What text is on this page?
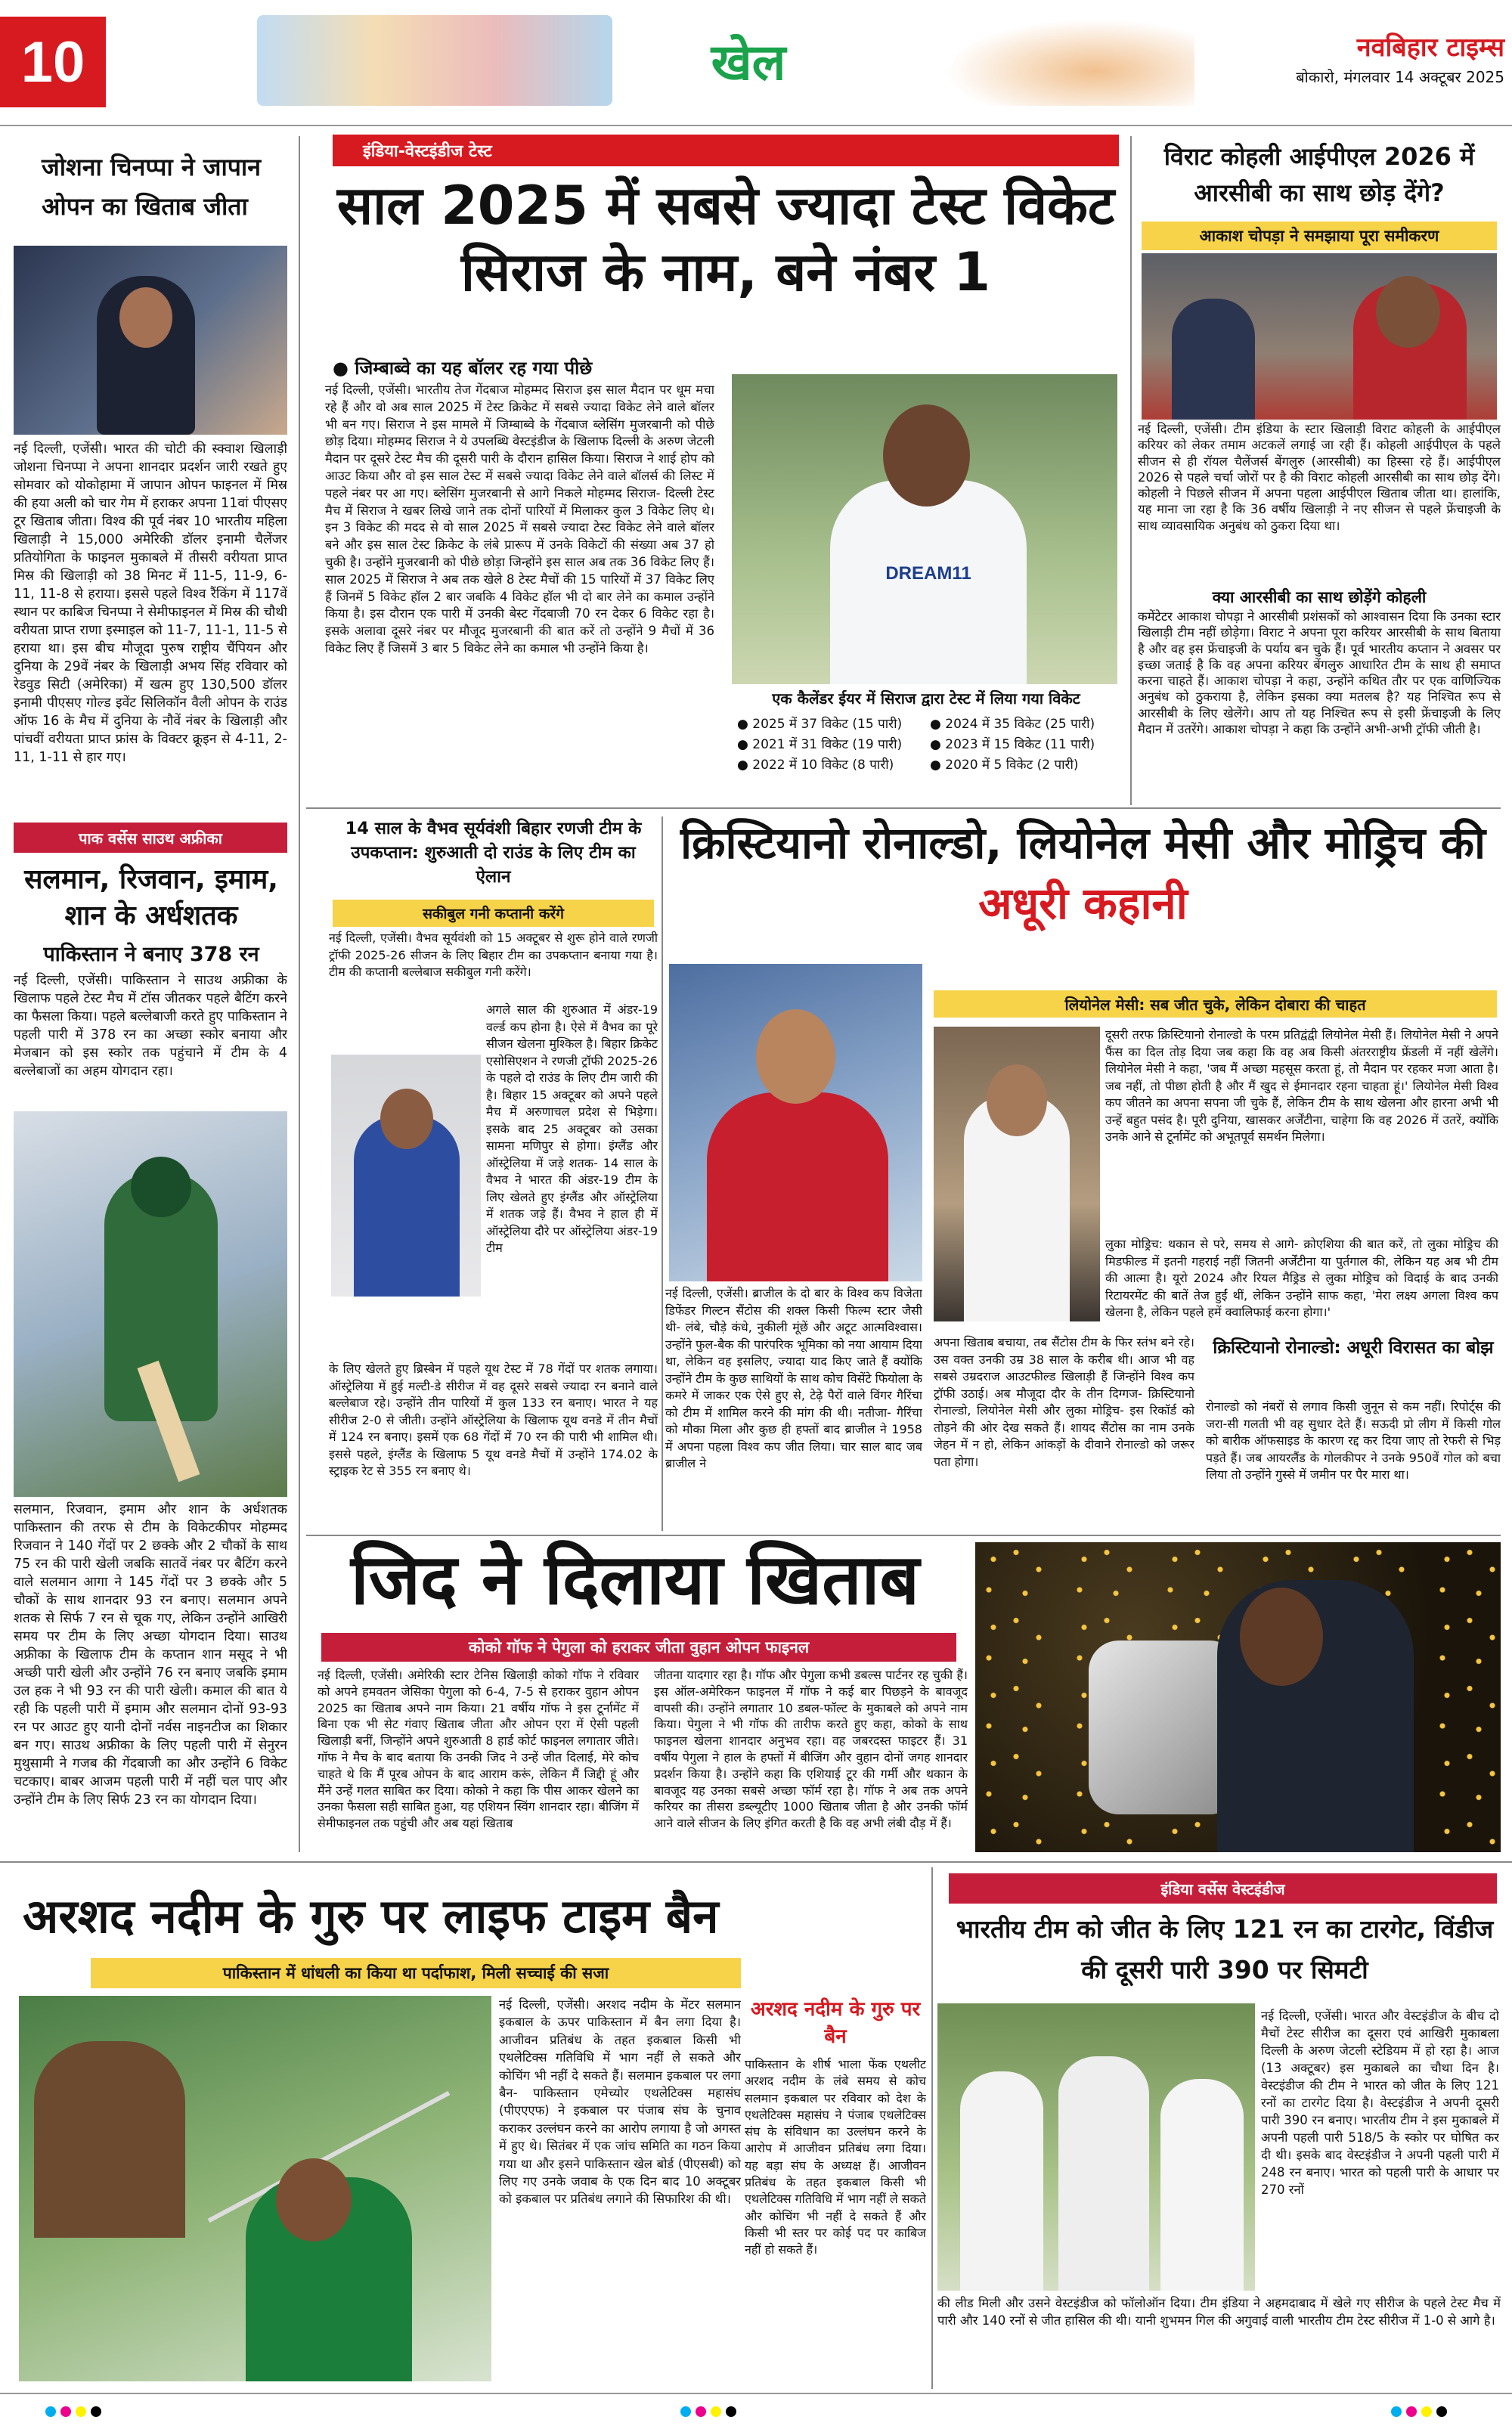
10	खेल	नवबिहार टाइम्स
बोकारो, मंगलवार 14 अक्टूबर 2025
जोशना चिनप्पा ने जापान ओपन का खिताब जीता
नई दिल्ली, एजेंसी। भारत की चोटी की स्क्वाश खिलाड़ी जोशना चिनप्पा ने अपना शानदार प्रदर्शन जारी रखते हुए सोमवार को योकोहामा में जापान ओपन फाइनल में मिस्र की हया अली को चार गेम में हराकर अपना 11वां पीएसए टूर खिताब जीता। विश्व की पूर्व नंबर 10 भारतीय महिला खिलाड़ी ने 15,000 अमेरिकी डॉलर इनामी चैलेंजर प्रतियोगिता के फाइनल मुकाबले में तीसरी वरीयता प्राप्त मिस्र की खिलाड़ी को 38 मिनट में 11-5, 11-9, 6-11, 11-8 से हराया। इससे पहले विश्व रैंकिंग में 117वें स्थान पर काबिज चिनप्पा ने सेमीफाइनल में मिस्र की चौथी वरीयता प्राप्त राणा इस्माइल को 11-7, 11-1, 11-5 से हराया था। इस बीच मौजूदा पुरुष राष्ट्रीय चैंपियन और दुनिया के 29वें नंबर के खिलाड़ी अभय सिंह रविवार को रेडवुड सिटी (अमेरिका) में खत्म हुए 130,500 डॉलर इनामी पीएसए गोल्ड इवेंट सिलिकॉन वैली ओपन के राउंड ऑफ 16 के मैच में दुनिया के नौवें नंबर के खिलाड़ी और पांचवीं वरीयता प्राप्त फ्रांस के विक्टर क्रूइन से 4-11, 2-11, 1-11 से हार गए।
पाक वर्सेस साउथ अफ्रीका
सलमान, रिजवान, इमाम, शान के अर्धशतक
पाकिस्तान ने बनाए 378 रन
नई दिल्ली, एजेंसी। पाकिस्तान ने साउथ अफ्रीका के खिलाफ पहले टेस्ट मैच में टॉस जीतकर पहले बैटिंग करने का फैसला किया। पहले बल्लेबाजी करते हुए पाकिस्तान ने पहली पारी में 378 रन का अच्छा स्कोर बनाया और मेजबान को इस स्कोर तक पहुंचाने में टीम के 4 बल्लेबाजों का अहम योगदान रहा।
सलमान, रिजवान, इमाम और शान के अर्धशतक पाकिस्तान की तरफ से टीम के विकेटकीपर मोहम्मद रिजवान ने 140 गेंदों पर 2 छक्के और 2 चौकों के साथ 75 रन की पारी खेली जबकि सातवें नंबर पर बैटिंग करने वाले सलमान आगा ने 145 गेंदों पर 3 छक्के और 5 चौकों के साथ शानदार 93 रन बनाए। सलमान अपने शतक से सिर्फ 7 रन से चूक गए, लेकिन उन्होंने आखिरी समय पर टीम के लिए अच्छा योगदान दिया। साउथ अफ्रीका के खिलाफ टीम के कप्तान शान मसूद ने भी अच्छी पारी खेली और उन्होंने 76 रन बनाए जबकि इमाम उल हक ने भी 93 रन की पारी खेली। कमाल की बात ये रही कि पहली पारी में इमाम और सलमान दोनों 93-93 रन पर आउट हुए यानी दोनों नर्वस नाइनटीज का शिकार बन गए। साउथ अफ्रीका के लिए पहली पारी में सेनुरन मुथुसामी ने गजब की गेंदबाजी का और उन्होंने 6 विकेट चटकाए। बाबर आजम पहली पारी में नहीं चल पाए और उन्होंने टीम के लिए सिर्फ 23 रन का योगदान दिया।
इंडिया-वेस्टइंडीज टेस्ट
साल 2025 में सबसे ज्यादा टेस्ट विकेट सिराज के नाम, बने नंबर 1
● जिम्बाब्वे का यह बॉलर रह गया पीछे
नई दिल्ली, एजेंसी। भारतीय तेज गेंदबाज मोहम्मद सिराज इस साल मैदान पर धूम मचा रहे हैं और वो अब साल 2025 में टेस्ट क्रिकेट में सबसे ज्यादा विकेट लेने वाले बॉलर भी बन गए। सिराज ने इस मामले में जिम्बाब्वे के गेंदबाज ब्लेसिंग मुजरबानी को पीछे छोड़ दिया। मोहम्मद सिराज ने ये उपलब्धि वेस्टइंडीज के खिलाफ दिल्ली के अरुण जेटली मैदान पर दूसरे टेस्ट मैच की दूसरी पारी के दौरान हासिल किया। सिराज ने शाई होप को आउट किया और वो इस साल टेस्ट में सबसे ज्यादा विकेट लेने वाले बॉलर्स की लिस्ट में पहले नंबर पर आ गए। ब्लेसिंग मुजरबानी से आगे निकले मोहम्मद सिराज- दिल्ली टेस्ट मैच में सिराज ने खबर लिखे जाने तक दोनों पारियों में मिलाकर कुल 3 विकेट लिए थे। इन 3 विकेट की मदद से वो साल 2025 में सबसे ज्यादा टेस्ट विकेट लेने वाले बॉलर बने और इस साल टेस्ट क्रिकेट के लंबे प्रारूप में उनके विकेटों की संख्या अब 37 हो चुकी है। उन्होंने मुजरबानी को पीछे छोड़ा जिन्होंने इस साल अब तक 36 विकेट लिए हैं। साल 2025 में सिराज ने अब तक खेले 8 टेस्ट मैचों की 15 पारियों में 37 विकेट लिए हैं जिनमें 5 विकेट हॉल 2 बार जबकि 4 विकेट हॉल भी दो बार लेने का कमाल उन्होंने किया है। इस दौरान एक पारी में उनकी बेस्ट गेंदबाजी 70 रन देकर 6 विकेट रहा है। इसके अलावा दूसरे नंबर पर मौजूद मुजरबानी की बात करें तो उन्होंने 9 मैचों में 36 विकेट लिए हैं जिसमें 3 बार 5 विकेट लेने का कमाल भी उन्होंने किया है।
DREAM11
एक कैलेंडर ईयर में सिराज द्वारा टेस्ट में लिया गया विकेट
● 2025 में 37 विकेट (15 पारी)	● 2024 में 35 विकेट (25 पारी)
● 2021 में 31 विकेट (19 पारी)	● 2023 में 15 विकेट (11 पारी)
● 2022 में 10 विकेट (8 पारी)	● 2020 में 5 विकेट (2 पारी)
विराट कोहली आईपीएल 2026 में आरसीबी का साथ छोड़ देंगे?
आकाश चोपड़ा ने समझाया पूरा समीकरण
नई दिल्ली, एजेंसी। टीम इंडिया के स्टार खिलाड़ी विराट कोहली के आईपीएल करियर को लेकर तमाम अटकलें लगाई जा रही हैं। कोहली आईपीएल के पहले सीजन से ही रॉयल चैलेंजर्स बेंगलुरु (आरसीबी) का हिस्सा रहे हैं। आईपीएल 2026 से पहले चर्चा जोरों पर है की विराट कोहली आरसीबी का साथ छोड़ देंगे। कोहली ने पिछले सीजन में अपना पहला आईपीएल खिताब जीता था। हालांकि, यह माना जा रहा है कि 36 वर्षीय खिलाड़ी ने नए सीजन से पहले फ्रेंचाइजी के साथ व्यावसायिक अनुबंध को ठुकरा दिया था।
क्या आरसीबी का साथ छोड़ेंगे कोहली
कमेंटेटर आकाश चोपड़ा ने आरसीबी प्रशंसकों को आश्वासन दिया कि उनका स्टार खिलाड़ी टीम नहीं छोड़ेगा। विराट ने अपना पूरा करियर आरसीबी के साथ बिताया है और वह इस फ्रेंचाइजी के पर्याय बन चुके हैं। पूर्व भारतीय कप्तान ने अवसर पर इच्छा जताई है कि वह अपना करियर बेंगलुरु आधारित टीम के साथ ही समाप्त करना चाहते हैं। आकाश चोपड़ा ने कहा, उन्होंने कथित तौर पर एक वाणिज्यिक अनुबंध को ठुकराया है, लेकिन इसका क्या मतलब है? यह निश्चित रूप से आरसीबी के लिए खेलेंगे। आप तो यह निश्चित रूप से इसी फ्रेंचाइजी के लिए मैदान में उतरेंगे। आकाश चोपड़ा ने कहा कि उन्होंने अभी-अभी ट्रॉफी जीती है।
14 साल के वैभव सूर्यवंशी बिहार रणजी टीम के उपकप्तान: शुरुआती दो राउंड के लिए टीम का ऐलान
सकीबुल गनी कप्तानी करेंगे
नई दिल्ली, एजेंसी। वैभव सूर्यवंशी को 15 अक्टूबर से शुरू होने वाले रणजी ट्रॉफी 2025-26 सीजन के लिए बिहार टीम का उपकप्तान बनाया गया है। टीम की कप्तानी बल्लेबाज सकीबुल गनी करेंगे।
अगले साल की शुरुआत में अंडर-19 वर्ल्ड कप होना है। ऐसे में वैभव का पूरे सीजन खेलना मुश्किल है। बिहार क्रिकेट एसोसिएशन ने रणजी ट्रॉफी 2025-26 के पहले दो राउंड के लिए टीम जारी की है। बिहार 15 अक्टूबर को अपने पहले मैच में अरुणाचल प्रदेश से भिड़ेगा। इसके बाद 25 अक्टूबर को उसका सामना मणिपुर से होगा। इंग्लैंड और ऑस्ट्रेलिया में जड़े शतक- 14 साल के वैभव ने भारत की अंडर-19 टीम के लिए खेलते हुए इंग्लैंड और ऑस्ट्रेलिया में शतक जड़े हैं। वैभव ने हाल ही में ऑस्ट्रेलिया दौरे पर ऑस्ट्रेलिया अंडर-19 टीम
के लिए खेलते हुए ब्रिस्बेन में पहले यूथ टेस्ट में 78 गेंदों पर शतक लगाया। ऑस्ट्रेलिया में हुई मल्टी-डे सीरीज में वह दूसरे सबसे ज्यादा रन बनाने वाले बल्लेबाज रहे। उन्होंने तीन पारियों में कुल 133 रन बनाए। भारत ने यह सीरीज 2-0 से जीती। उन्होंने ऑस्ट्रेलिया के खिलाफ यूथ वनडे में तीन मैचों में 124 रन बनाए। इसमें एक 68 गेंदों में 70 रन की पारी भी शामिल थी। इससे पहले, इंग्लैंड के खिलाफ 5 यूथ वनडे मैचों में उन्होंने 174.02 के स्ट्राइक रेट से 355 रन बनाए थे।
क्रिस्टियानो रोनाल्डो, लियोनेल मेसी और मोड्रिच की अधूरी कहानी
नई दिल्ली, एजेंसी। ब्राजील के दो बार के विश्व कप विजेता डिफेंडर गिल्टन सैंटोस की शक्ल किसी फिल्म स्टार जैसी थी- लंबे, चौड़े कंधे, नुकीली मूंछें और अटूट आत्मविश्वास। उन्होंने फुल-बैक की पारंपरिक भूमिका को नया आयाम दिया था, लेकिन वह इसलिए, ज्यादा याद किए जाते हैं क्योंकि उन्होंने टीम के कुछ साथियों के साथ कोच विसेंटे फियोला के कमरे में जाकर एक ऐसे हुए से, टेढ़े पैरों वाले विंगर गैरिंचा को टीम में शामिल करने की मांग की थी। नतीजा- गैरिंचा को मौका मिला और कुछ ही हफ्तों बाद ब्राजील ने 1958 में अपना पहला विश्व कप जीत लिया। चार साल बाद जब ब्राजील ने
लियोनेल मेसी: सब जीत चुके, लेकिन दोबारा की चाहत
दूसरी तरफ क्रिस्टियानो रोनाल्डो के परम प्रतिद्वंद्वी लियोनेल मेसी हैं। लियोनेल मेसी ने अपने फैंस का दिल तोड़ दिया जब कहा कि वह अब किसी अंतरराष्ट्रीय फ्रेंडली में नहीं खेलेंगे। लियोनेल मेसी ने कहा, 'जब मैं अच्छा महसूस करता हूं, तो मैदान पर रहकर मजा आता है। जब नहीं, तो पीछा होती है और मैं खुद से ईमानदार रहना चाहता हूं।' लियोनेल मेसी विश्व कप जीतने का अपना सपना जी चुके हैं, लेकिन टीम के साथ खेलना और हारना अभी भी उन्हें बहुत पसंद है। पूरी दुनिया, खासकर अर्जेंटीना, चाहेगा कि वह 2026 में उतरें, क्योंकि उनके आने से टूर्नामेंट को अभूतपूर्व समर्थन मिलेगा।
लुका मोड्रिच: थकान से परे, समय से आगे- क्रोएशिया की बात करें, तो लुका मोड्रिच की मिडफील्ड में इतनी गहराई नहीं जितनी अर्जेंटीना या पुर्तगाल की, लेकिन यह अब भी टीम की आत्मा है। यूरो 2024 और रियल मैड्रिड से लुका मोड्रिच को विदाई के बाद उनकी रिटायरमेंट की बातें तेज हुईं थीं, लेकिन उन्होंने साफ कहा, 'मेरा लक्ष्य अगला विश्व कप खेलना है, लेकिन पहले हमें क्वालिफाई करना होगा।'
अपना खिताब बचाया, तब सैंटोस टीम के फिर स्तंभ बने रहे। उस वक्त उनकी उम्र 38 साल के करीब थी। आज भी वह सबसे उम्रदराज आउटफील्ड खिलाड़ी हैं जिन्होंने विश्व कप ट्रॉफी उठाई। अब मौजूदा दौर के तीन दिग्गज- क्रिस्टियानो रोनाल्डो, लियोनेल मेसी और लुका मोड्रिच- इस रिकॉर्ड को तोड़ने की ओर देख सकते हैं। शायद सैंटोस का नाम उनके जेहन में न हो, लेकिन आंकड़ों के दीवाने रोनाल्डो को जरूर पता होगा।
क्रिस्टियानो रोनाल्डो: अधूरी विरासत का बोझ
रोनाल्डो को नंबरों से लगाव किसी जुनून से कम नहीं। रिपोर्ट्स की जरा-सी गलती भी वह सुधार देते हैं। सऊदी प्रो लीग में किसी गोल को बारीक ऑफसाइड के कारण रद्द कर दिया जाए तो रेफरी से भिड़ पड़ते हैं। जब आयरलैंड के गोलकीपर ने उनके 950वें गोल को बचा लिया तो उन्होंने गुस्से में जमीन पर पैर मारा था।
जिद ने दिलाया खिताब
कोको गॉफ ने पेगुला को हराकर जीता वुहान ओपन फाइनल
नई दिल्ली, एजेंसी। अमेरिकी स्टार टेनिस खिलाड़ी कोको गॉफ ने रविवार को अपने हमवतन जेसिका पेगुला को 6-4, 7-5 से हराकर वुहान ओपन 2025 का खिताब अपने नाम किया। 21 वर्षीय गॉफ ने इस टूर्नामेंट में बिना एक भी सेट गंवाए खिताब जीता और ओपन एरा में ऐसी पहली खिलाड़ी बनीं, जिन्होंने अपने शुरुआती 8 हार्ड कोर्ट फाइनल लगातार जीते। गॉफ ने मैच के बाद बताया कि उनकी जिद ने उन्हें जीत दिलाई, मेरे कोच चाहते थे कि मैं पूरब ओपन के बाद आराम करूं, लेकिन मैं जिद्दी हूं और मैंने उन्हें गलत साबित कर दिया। कोको ने कहा कि पीस आकर खेलने का उनका फैसला सही साबित हुआ, यह एशियन स्विंग शानदार रहा। बीजिंग में सेमीफाइनल तक पहुंची और अब यहां खिताब
जीतना यादगार रहा है। गॉफ और पेगुला कभी डबल्स पार्टनर रह चुकी हैं। इस ऑल-अमेरिकन फाइनल में गॉफ ने कई बार पिछड़ने के बावजूद वापसी की। उन्होंने लगातार 10 डबल-फॉल्ट के मुकाबले को अपने नाम किया। पेगुला ने भी गॉफ की तारीफ करते हुए कहा, कोको के साथ फाइनल खेलना शानदार अनुभव रहा। वह जबरदस्त फाइटर हैं। 31 वर्षीय पेगुला ने हाल के हफ्तों में बीजिंग और वुहान दोनों जगह शानदार प्रदर्शन किया है। उन्होंने कहा कि एशियाई टूर की गर्मी और थकान के बावजूद यह उनका सबसे अच्छा फॉर्म रहा है। गॉफ ने अब तक अपने करियर का तीसरा डब्ल्यूटीए 1000 खिताब जीता है और उनकी फॉर्म आने वाले सीजन के लिए इंगित करती है कि वह अभी लंबी दौड़ में हैं।
अरशद नदीम के गुरु पर लाइफ टाइम बैन
पाकिस्तान में धांधली का किया था पर्दाफाश, मिली सच्चाई की सजा
नई दिल्ली, एजेंसी। अरशद नदीम के मेंटर सलमान इकबाल के ऊपर पाकिस्तान में बैन लगा दिया है। आजीवन प्रतिबंध के तहत इकबाल किसी भी एथलेटिक्स गतिविधि में भाग नहीं ले सकते और कोचिंग भी नहीं दे सकते हैं। सलमान इकबाल पर लगा बैन- पाकिस्तान एमेच्योर एथलेटिक्स महासंघ (पीएएएफ) ने इकबाल पर पंजाब संघ के चुनाव कराकर उल्लंघन करने का आरोप लगाया है जो अगस्त में हुए थे। सितंबर में एक जांच समिति का गठन किया गया था और इसने पाकिस्तान खेल बोर्ड (पीएसबी) को लिए गए उनके जवाब के एक दिन बाद 10 अक्टूबर को इकबाल पर प्रतिबंध लगाने की सिफारिश की थी।
अरशद नदीम के गुरु पर बैन
पाकिस्तान के शीर्ष भाला फेंक एथलीट अरशद नदीम के लंबे समय से कोच सलमान इकबाल पर रविवार को देश के एथलेटिक्स महासंघ ने पंजाब एथलेटिक्स संघ के संविधान का उल्लंघन करने के आरोप में आजीवन प्रतिबंध लगा दिया। यह बड़ा संघ के अध्यक्ष हैं। आजीवन प्रतिबंध के तहत इकबाल किसी भी एथलेटिक्स गतिविधि में भाग नहीं ले सकते और कोचिंग भी नहीं दे सकते हैं और किसी भी स्तर पर कोई पद पर काबिज नहीं हो सकते हैं।
इंडिया वर्सेस वेस्टइंडीज
भारतीय टीम को जीत के लिए 121 रन का टारगेट, विंडीज की दूसरी पारी 390 पर सिमटी
नई दिल्ली, एजेंसी। भारत और वेस्टइंडीज के बीच दो मैचों टेस्ट सीरीज का दूसरा एवं आखिरी मुकाबला दिल्ली के अरुण जेटली स्टेडियम में हो रहा है। आज (13 अक्टूबर) इस मुकाबले का चौथा दिन है। वेस्टइंडीज की टीम ने भारत को जीत के लिए 121 रनों का टारगेट दिया है। वेस्टइंडीज ने अपनी दूसरी पारी 390 रन बनाए। भारतीय टीम ने इस मुकाबले में अपनी पहली पारी 518/5 के स्कोर पर घोषित कर दी थी। इसके बाद वेस्टइंडीज ने अपनी पहली पारी में 248 रन बनाए। भारत को पहली पारी के आधार पर 270 रनों
की लीड मिली और उसने वेस्टइंडीज को फॉलोऑन दिया। टीम इंडिया ने अहमदाबाद में खेले गए सीरीज के पहले टेस्ट मैच में पारी और 140 रनों से जीत हासिल की थी। यानी शुभमन गिल की अगुवाई वाली भारतीय टीम टेस्ट सीरीज में 1-0 से आगे है।
